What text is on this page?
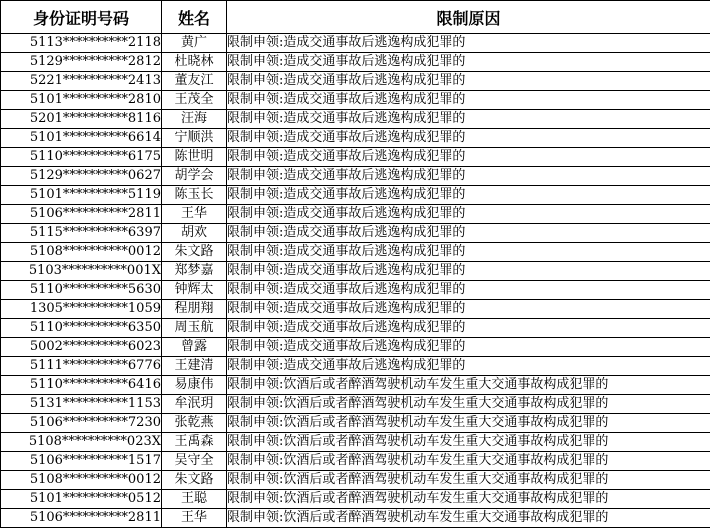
身份证明号码	姓名	限制原因
5113**********2118	黄广	限制申领:造成交通事故后逃逸构成犯罪的
5129**********2812	杜晓林	限制申领:造成交通事故后逃逸构成犯罪的
5221**********2413	董友江	限制申领:造成交通事故后逃逸构成犯罪的
5101**********2810	王茂全	限制申领:造成交通事故后逃逸构成犯罪的
5201**********8116	汪海	限制申领:造成交通事故后逃逸构成犯罪的
5101**********6614	宁顺洪	限制申领:造成交通事故后逃逸构成犯罪的
5110**********6175	陈世明	限制申领:造成交通事故后逃逸构成犯罪的
5129**********0627	胡学会	限制申领:造成交通事故后逃逸构成犯罪的
5101**********5119	陈玉长	限制申领:造成交通事故后逃逸构成犯罪的
5106**********2811	王华	限制申领:造成交通事故后逃逸构成犯罪的
5115**********6397	胡欢	限制申领:造成交通事故后逃逸构成犯罪的
5108**********0012	朱文路	限制申领:造成交通事故后逃逸构成犯罪的
5103**********001X	郑梦嘉	限制申领:造成交通事故后逃逸构成犯罪的
5110**********5630	钟辉太	限制申领:造成交通事故后逃逸构成犯罪的
1305**********1059	程朋翔	限制申领:造成交通事故后逃逸构成犯罪的
5110**********6350	周玉航	限制申领:造成交通事故后逃逸构成犯罪的
5002**********6023	曾露	限制申领:造成交通事故后逃逸构成犯罪的
5111**********6776	王建清	限制申领:造成交通事故后逃逸构成犯罪的
5110**********6416	易康伟	限制申领:饮酒后或者醉酒驾驶机动车发生重大交通事故构成犯罪的
5131**********1153	牟泯玥	限制申领:饮酒后或者醉酒驾驶机动车发生重大交通事故构成犯罪的
5106**********7230	张乾燕	限制申领:饮酒后或者醉酒驾驶机动车发生重大交通事故构成犯罪的
5108**********023X	王禹森	限制申领:饮酒后或者醉酒驾驶机动车发生重大交通事故构成犯罪的
5106**********1517	吴守全	限制申领:饮酒后或者醉酒驾驶机动车发生重大交通事故构成犯罪的
5108**********0012	朱文路	限制申领:饮酒后或者醉酒驾驶机动车发生重大交通事故构成犯罪的
5101**********0512	王聪	限制申领:饮酒后或者醉酒驾驶机动车发生重大交通事故构成犯罪的
5106**********2811	王华	限制申领:饮酒后或者醉酒驾驶机动车发生重大交通事故构成犯罪的
